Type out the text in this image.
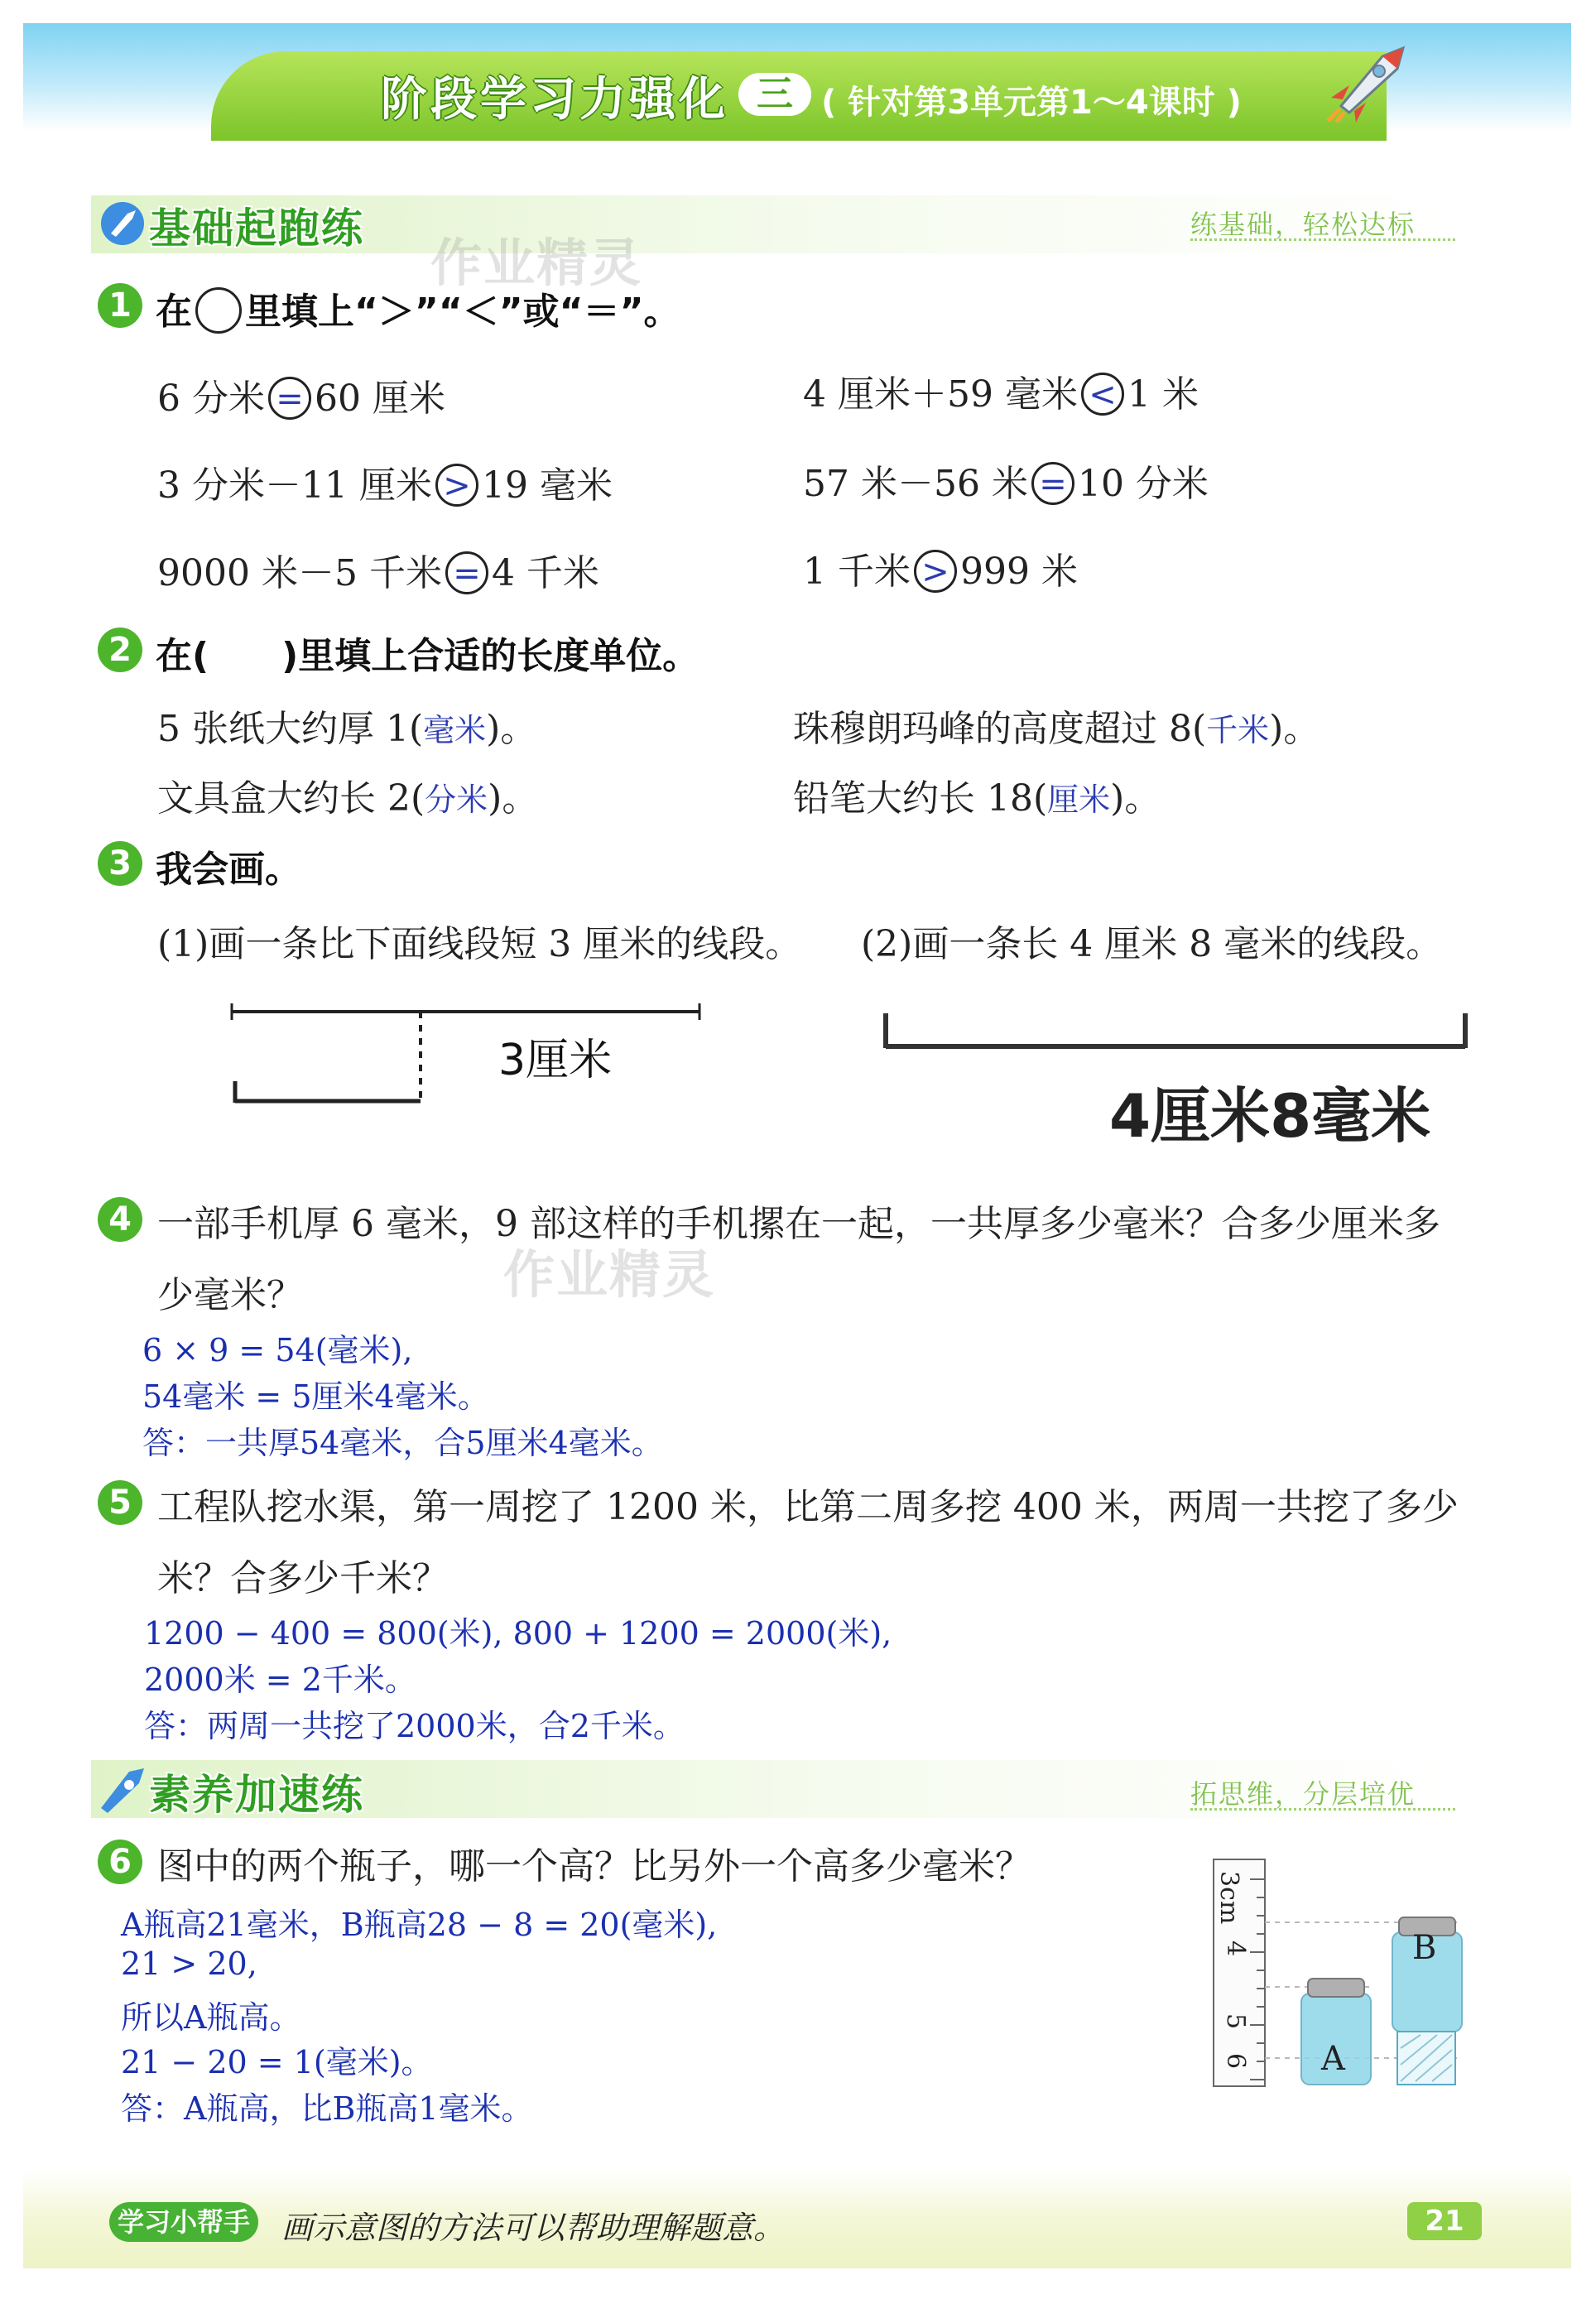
阶段学习力强化 三 ( 针对第3单元第1～4课时 )
基础起跑练	练基础，轻松达标
作业精灵
1 在 里填上“＞”“＜”或“＝”。
6 分米 = 60 厘米	4 厘米＋59 毫米 < 1 米
3 分米－11 厘米 > 19 毫米	57 米－56 米 = 10 分米
9000 米－5 千米 = 4 千米	1 千米 > 999 米
2 在(　　)里填上合适的长度单位。
5 张纸大约厚 1(毫米)。	珠穆朗玛峰的高度超过 8(千米)。
文具盒大约长 2(分米)。	铅笔大约长 18(厘米)。
3 我会画。
(1)画一条比下面线段短 3 厘米的线段。 (2)画一条长 4 厘米 8 毫米的线段。
3厘米
4厘米8毫米
4 一部手机厚 6 毫米，9 部这样的手机摞在一起，一共厚多少毫米？合多少厘米多
少毫米？	作业精灵
6 × 9 = 54(毫米),
54毫米 = 5厘米4毫米。
答：一共厚54毫米，合5厘米4毫米。
5 工程队挖水渠，第一周挖了 1200 米，比第二周多挖 400 米，两周一共挖了多少
米？合多少千米？
1200 − 400 = 800(米), 800 + 1200 = 2000(米),
2000米 = 2千米。
答：两周一共挖了2000米，合2千米。
素养加速练	拓思维，分层培优
6 图中的两个瓶子，哪一个高？比另外一个高多少毫米？
A瓶高21毫米，B瓶高28 − 8 = 20(毫米),
21 > 20,
所以A瓶高。
21 − 20 = 1(毫米)。
答：A瓶高，比B瓶高1毫米。
3cm
4
5
6 A
B
学习小帮手 画示意图的方法可以帮助理解题意。	21
